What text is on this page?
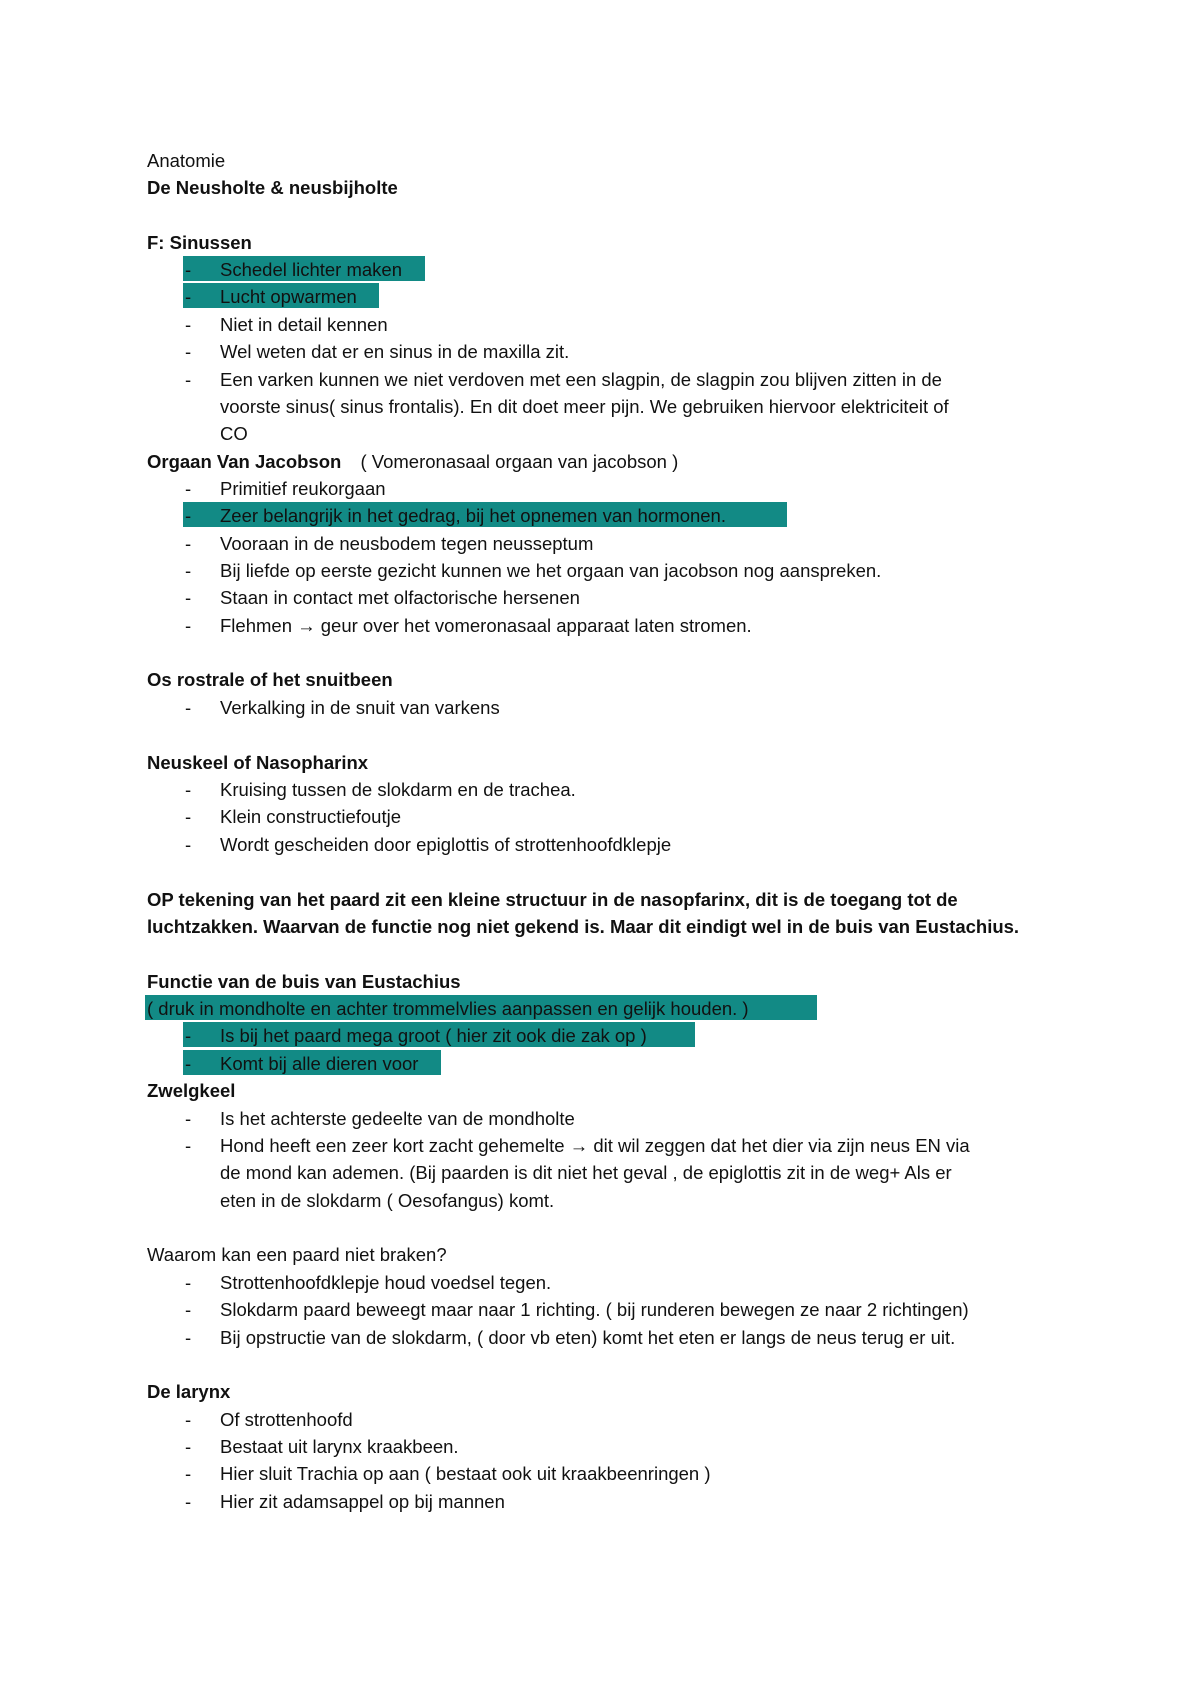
Anatomie
De Neusholte & neusbijholte
F: Sinussen
-	Schedel lichter maken
-	Lucht opwarmen
-	Niet in detail kennen
-	Wel weten dat er en sinus in de maxilla zit.
-	Een varken kunnen we niet verdoven met een slagpin, de slagpin zou blijven zitten in de
voorste sinus( sinus frontalis). En dit doet meer pijn. We gebruiken hiervoor elektriciteit of
CO
Orgaan Van Jacobson ( Vomeronasaal orgaan van jacobson )
-	Primitief reukorgaan
-	Zeer belangrijk in het gedrag, bij het opnemen van hormonen.
-	Vooraan in de neusbodem tegen neusseptum
-	Bij liefde op eerste gezicht kunnen we het orgaan van jacobson nog aanspreken.
-	Staan in contact met olfactorische hersenen
-	Flehmen → geur over het vomeronasaal apparaat laten stromen.
Os rostrale of het snuitbeen
-	Verkalking in de snuit van varkens
Neuskeel of Nasopharinx
-	Kruising tussen de slokdarm en de trachea.
-	Klein constructiefoutje
-	Wordt gescheiden door epiglottis of strottenhoofdklepje
OP tekening van het paard zit een kleine structuur in de nasopfarinx, dit is de toegang tot de
luchtzakken. Waarvan de functie nog niet gekend is. Maar dit eindigt wel in de buis van Eustachius.
Functie van de buis van Eustachius
( druk in mondholte en achter trommelvlies aanpassen en gelijk houden. )
-	Is bij het paard mega groot ( hier zit ook die zak op )
-	Komt bij alle dieren voor
Zwelgkeel
-	Is het achterste gedeelte van de mondholte
-	Hond heeft een zeer kort zacht gehemelte → dit wil zeggen dat het dier via zijn neus EN via
de mond kan ademen. (Bij paarden is dit niet het geval , de epiglottis zit in de weg+ Als er
eten in de slokdarm ( Oesofangus) komt.
Waarom kan een paard niet braken?
-	Strottenhoofdklepje houd voedsel tegen.
-	Slokdarm paard beweegt maar naar 1 richting. ( bij runderen bewegen ze naar 2 richtingen)
-	Bij opstructie van de slokdarm, ( door vb eten) komt het eten er langs de neus terug er uit.
De larynx
-	Of strottenhoofd
-	Bestaat uit larynx kraakbeen.
-	Hier sluit Trachia op aan ( bestaat ook uit kraakbeenringen )
-	Hier zit adamsappel op bij mannen
